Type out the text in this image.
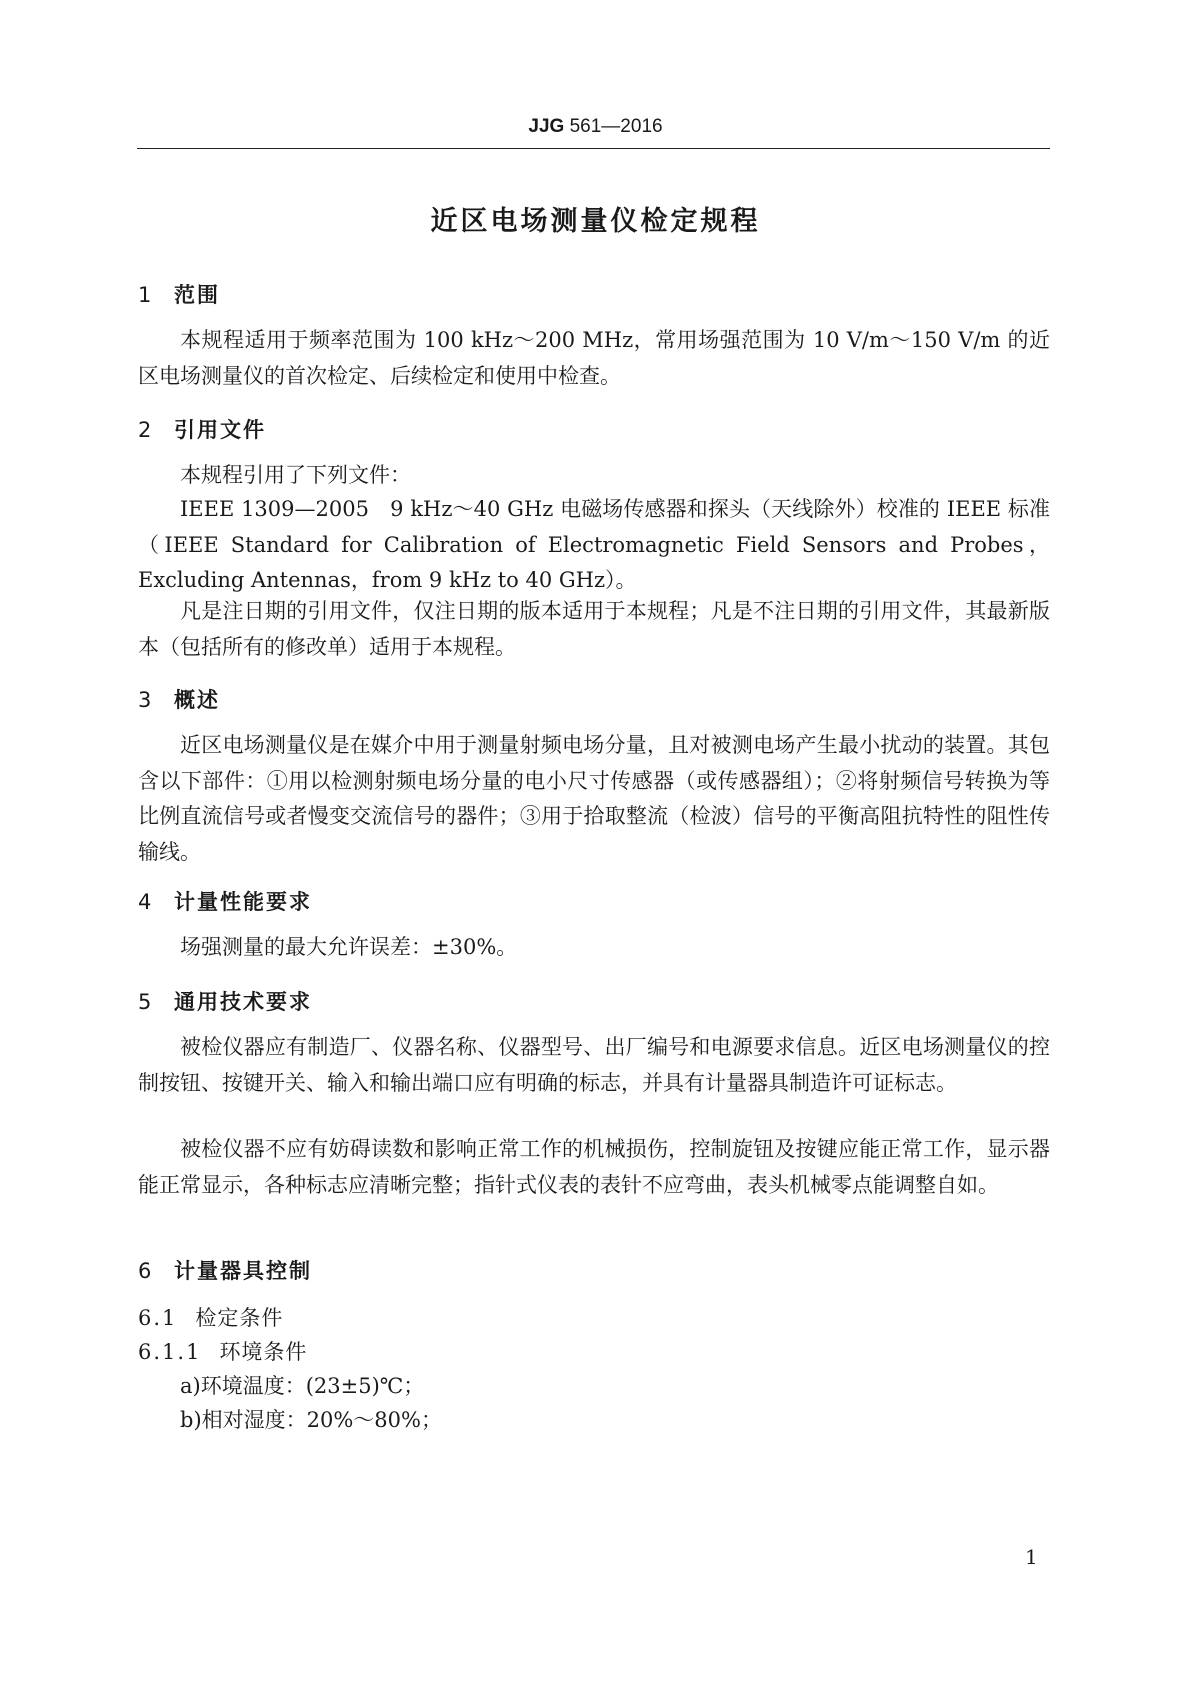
JJG 561—2016
近区电场测量仪检定规程
1 范围

本规程适用于频率范围为 100 kHz～200 MHz，常用场强范围为 10 V/m～150 V/m 的近区电场测量仪的首次检定、后续检定和使用中检查。

2 引用文件

本规程引用了下列文件：

IEEE 1309—2005　9 kHz～40 GHz 电磁场传感器和探头（天线除外）校准的 IEEE 标准（IEEE Standard for Calibration of Electromagnetic Field Sensors and Probes，Excluding Antennas，from 9 kHz to 40 GHz）。

凡是注日期的引用文件，仅注日期的版本适用于本规程；凡是不注日期的引用文件，其最新版本（包括所有的修改单）适用于本规程。

3 概述

近区电场测量仪是在媒介中用于测量射频电场分量，且对被测电场产生最小扰动的装置。其包含以下部件：①用以检测射频电场分量的电小尺寸传感器（或传感器组）；②将射频信号转换为等比例直流信号或者慢变交流信号的器件；③用于拾取整流（检波）信号的平衡高阻抗特性的阻性传输线。

4 计量性能要求

场强测量的最大允许误差：±30%。

5 通用技术要求

被检仪器应有制造厂、仪器名称、仪器型号、出厂编号和电源要求信息。近区电场测量仪的控制按钮、按键开关、输入和输出端口应有明确的标志，并具有计量器具制造许可证标志。

被检仪器不应有妨碍读数和影响正常工作的机械损伤，控制旋钮及按键应能正常工作，显示器能正常显示，各种标志应清晰完整；指针式仪表的表针不应弯曲，表头机械零点能调整自如。

6 计量器具控制
6.1 检定条件
6.1.1 环境条件
a)环境温度：(23±5)℃；
b)相对湿度：20%～80%；
1
